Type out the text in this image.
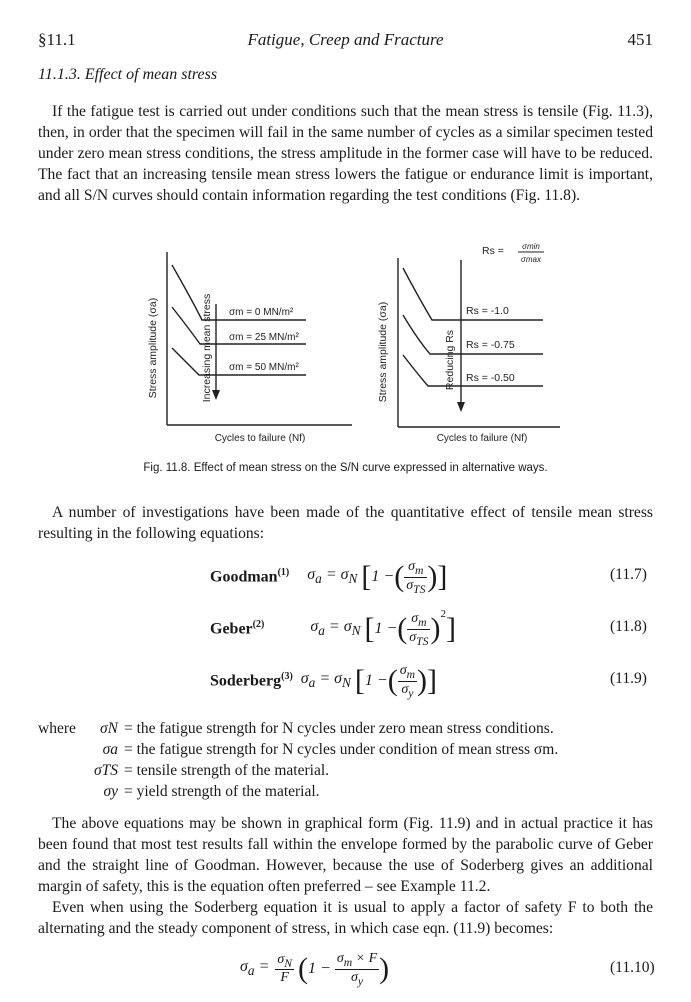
§11.1	Fatigue, Creep and Fracture	451
11.1.3. Effect of mean stress
If the fatigue test is carried out under conditions such that the mean stress is tensile (Fig. 11.3), then, in order that the specimen will fail in the same number of cycles as a similar specimen tested under zero mean stress conditions, the stress amplitude in the former case will have to be reduced. The fact that an increasing tensile mean stress lowers the fatigue or endurance limit is important, and all S/N curves should contain information regarding the test conditions (Fig. 11.8).
Increasing mean stress σm = 0 MN/m²
σm = 25 MN/m²
σm = 50 MN/m²
Stress amplitude (σa)
Cycles to failure (Nf)
Rs = σmin
σmax
Reducing Rs
Rs = -1.0
Rs = -0.75
Rs = -0.50
Stress amplitude (σa)
Cycles to failure (Nf)
Fig. 11.8. Effect of mean stress on the S/N curve expressed in alternative ways.
A number of investigations have been made of the quantitative effect of tensile mean stress resulting in the following equations:
Goodman$^{(1)}$ $\sigma_a = \sigma_N$ [ 1 − ( $\frac{\sigma_m}{\sigma_{TS}}$ ) ]	(11.7)
Geber$^{(2)}$	$\sigma_a = \sigma_N$ [ 1 − ( $\frac{\sigma_m}{\sigma_{TS}} )^2$ ]	(11.8)
Soderberg$^{(3)}$ $\sigma_a = \sigma_N$ [ 1 − ( $\frac{\sigma_m}{\sigma_y}$ ) ]	(11.9)
where	σN = the fatigue strength for N cycles under zero mean stress conditions.
σa = the fatigue strength for N cycles under condition of mean stress σm.
σTS = tensile strength of the material.
σy = yield strength of the material.
The above equations may be shown in graphical form (Fig. 11.9) and in actual practice it has been found that most test results fall within the envelope formed by the parabolic curve of Geber and the straight line of Goodman. However, because the use of Soderberg gives an additional margin of safety, this is the equation often preferred – see Example 11.2.
Even when using the Soderberg equation it is usual to apply a factor of safety F to both the alternating and the steady component of stress, in which case eqn. (11.9) becomes:
$\sigma_a = \frac{\sigma_N}{F}$ ( $1 - \frac{\sigma_m \times F}{\sigma_y}$ )	(11.10)
